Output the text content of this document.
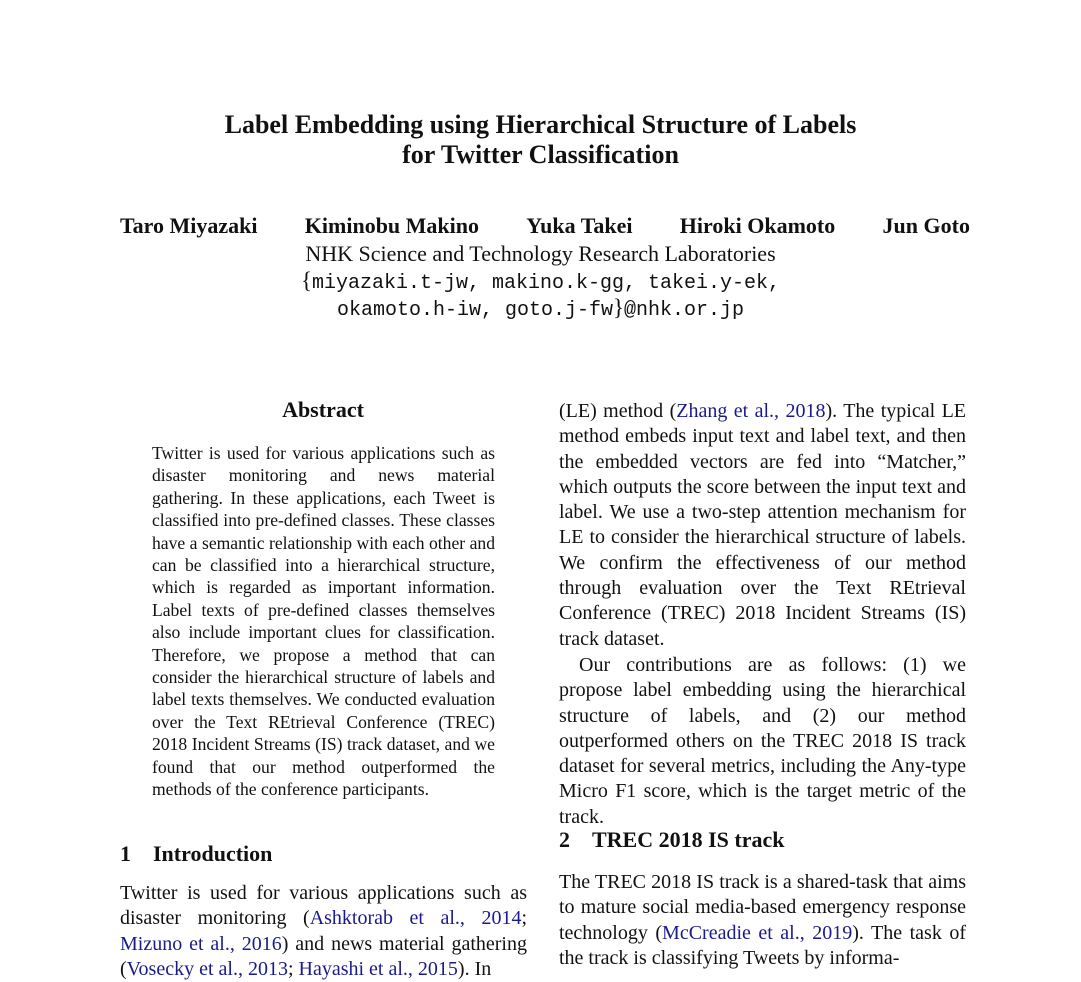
Label Embedding using Hierarchical Structure of Labels
for Twitter Classification
Taro Miyazaki Kiminobu Makino Yuka Takei Hiroki Okamoto Jun Goto
NHK Science and Technology Research Laboratories
{miyazaki.t-jw, makino.k-gg, takei.y-ek,
okamoto.h-iw, goto.j-fw}@nhk.or.jp
Abstract

Twitter is used for various applications such as disaster monitoring and news material gathering. In these applications, each Tweet is classified into pre-defined classes. These classes have a semantic relationship with each other and can be classified into a hierarchical structure, which is regarded as important information. Label texts of pre-defined classes themselves also include important clues for classification. Therefore, we propose a method that can consider the hierarchical structure of labels and label texts themselves. We conducted evaluation over the Text REtrieval Conference (TREC) 2018 Incident Streams (IS) track dataset, and we found that our method outperformed the methods of the conference participants.

1 Introduction

Twitter is used for various applications such as disaster monitoring (Ashktorab et al., 2014; Mizuno et al., 2016) and news material gathering (Vosecky et al., 2013; Hayashi et al., 2015). In

(LE) method (Zhang et al., 2018). The typical LE method embeds input text and label text, and then the embedded vectors are fed into “Matcher,” which outputs the score between the input text and label. We use a two-step attention mechanism for LE to consider the hierarchical structure of labels. We confirm the effectiveness of our method through evaluation over the Text REtrieval Conference (TREC) 2018 Incident Streams (IS) track dataset.

Our contributions are as follows: (1) we propose label embedding using the hierarchical structure of labels, and (2) our method outperformed others on the TREC 2018 IS track dataset for several metrics, including the Any-type Micro F1 score, which is the target metric of the track.

2 TREC 2018 IS track

The TREC 2018 IS track is a shared-task that aims to mature social media-based emergency response technology (McCreadie et al., 2019). The task of the track is classifying Tweets by informa-
